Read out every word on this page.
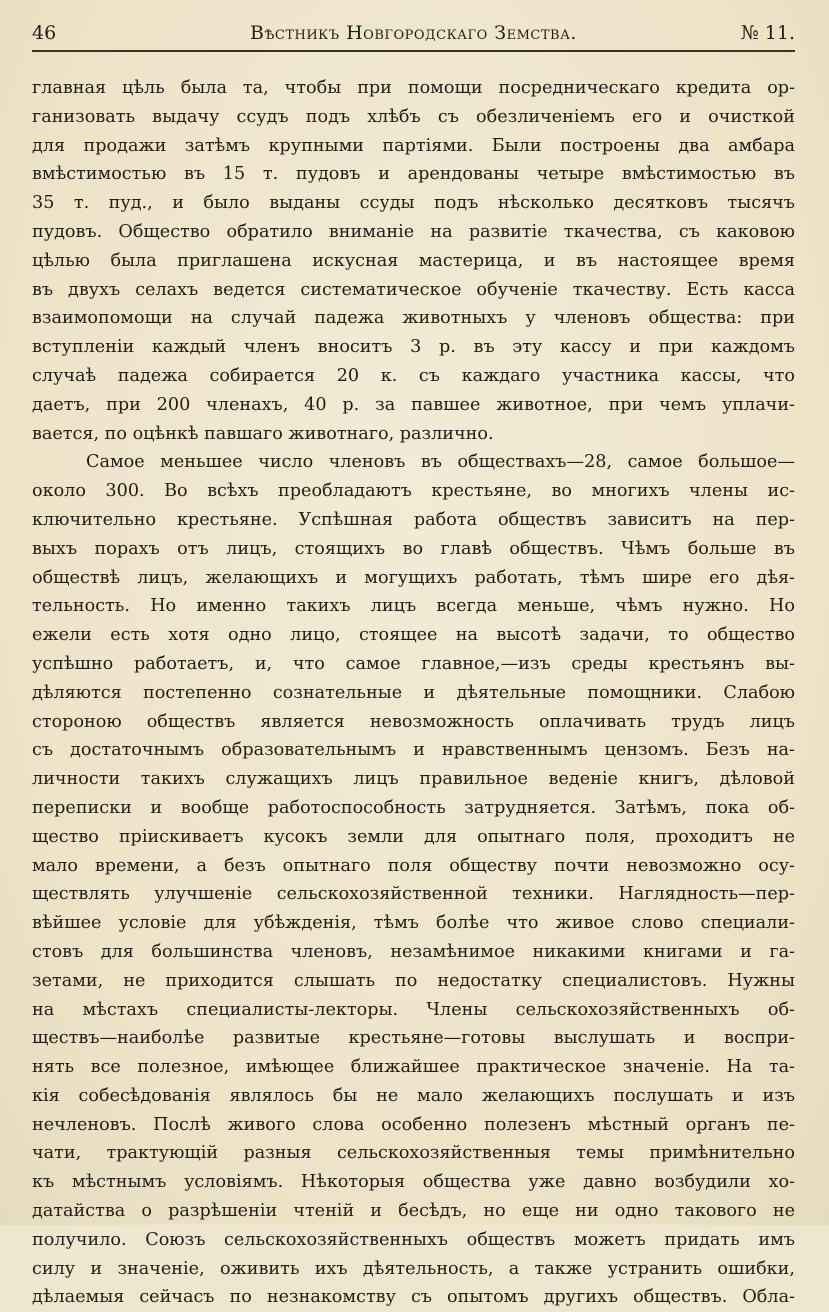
46	Вѣстникъ Новгородскаго Земства.	№ 11.
главная цѣль была та, чтобы при помощи посредническаго кредита ор-
ганизовать выдачу ссудъ подъ хлѣбъ съ обезличеніемъ его и очисткой
для продажи затѣмъ крупными партіями. Были построены два амбара
вмѣстимостью въ 15 т. пудовъ и арендованы четыре вмѣстимостью въ
35 т. пуд., и было выданы ссуды подъ нѣсколько десятковъ тысячъ
пудовъ. Общество обратило вниманіе на развитіе ткачества, съ каковою
цѣлью была приглашена искусная мастерица, и въ настоящее время
въ двухъ селахъ ведется систематическое обученіе ткачеству. Есть касса
взаимопомощи на случай падежа животныхъ у членовъ общества: при
вступленіи каждый членъ вноситъ 3 р. въ эту кассу и при каждомъ
случаѣ падежа собирается 20 к. съ каждаго участника кассы, что
даетъ, при 200 членахъ, 40 р. за павшее животное, при чемъ уплачи-
вается, по оцѣнкѣ павшаго животнаго, различно.
Самое меньшее число членовъ въ обществахъ—28, самое большое—
около 300. Во всѣхъ преобладаютъ крестьяне, во многихъ члены ис-
ключительно крестьяне. Успѣшная работа обществъ зависитъ на пер-
выхъ порахъ отъ лицъ, стоящихъ во главѣ обществъ. Чѣмъ больше въ
обществѣ лицъ, желающихъ и могущихъ работать, тѣмъ шире его дѣя-
тельность. Но именно такихъ лицъ всегда меньше, чѣмъ нужно. Но
ежели есть хотя одно лицо, стоящее на высотѣ задачи, то общество
успѣшно работаетъ, и, что самое главное,—изъ среды крестьянъ вы-
дѣляются постепенно сознательные и дѣятельные помощники. Слабою
стороною обществъ является невозможность оплачивать трудъ лицъ
съ достаточнымъ образовательнымъ и нравственнымъ цензомъ. Безъ на-
личности такихъ служащихъ лицъ правильное веденіе книгъ, дѣловой
переписки и вообще работоспособность затрудняется. Затѣмъ, пока об-
щество пріискиваетъ кусокъ земли для опытнаго поля, проходитъ не
мало времени, а безъ опытнаго поля обществу почти невозможно осу-
ществлять улучшеніе сельскохозяйственной техники. Наглядность—пер-
вѣйшее условіе для убѣжденія, тѣмъ болѣе что живое слово специали-
стовъ для большинства членовъ, незамѣнимое никакими книгами и га-
зетами, не приходится слышать по недостатку специалистовъ. Нужны
на мѣстахъ специалисты-лекторы. Члены сельскохозяйственныхъ об-
ществъ—наиболѣе развитые крестьяне—готовы выслушать и воспри-
нять все полезное, имѣющее ближайшее практическое значеніе. На та-
кія собесѣдованія являлось бы не мало желающихъ послушать и изъ
нечленовъ. Послѣ живого слова особенно полезенъ мѣстный органъ пе-
чати, трактующій разныя сельскохозяйственныя темы примѣнительно
къ мѣстнымъ условіямъ. Нѣкоторыя общества уже давно возбудили хо-
датайства о разрѣшеніи чтеній и бесѣдъ, но еще ни одно такового не
получило. Союзъ сельскохозяйственныхъ обществъ можетъ придать имъ
силу и значеніе, оживить ихъ дѣятельность, а также устранить ошибки,
дѣлаемыя сейчасъ по незнакомству съ опытомъ другихъ обществъ. Обла-
